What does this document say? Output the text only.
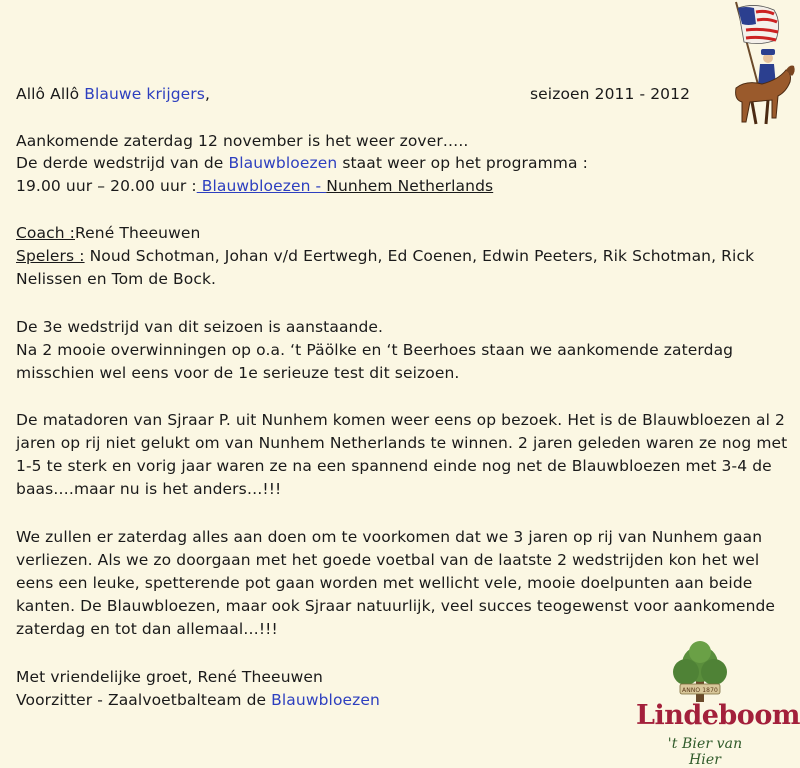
Allô Allô Blauwe krijgers,	seizoen 2011 - 2012
Aankomende zaterdag 12 november is het weer zover…..
De derde wedstrijd van de Blauwbloezen staat weer op het programma :
19.00 uur – 20.00 uur : Blauwbloezen - Nunhem Netherlands
Coach :René Theeuwen
Spelers : Noud Schotman, Johan v/d Eertwegh, Ed Coenen, Edwin Peeters, Rik Schotman, Rick
Nelissen en Tom de Bock.
De 3e wedstrijd van dit seizoen is aanstaande.
Na 2 mooie overwinningen op o.a. ‘t Päölke en ‘t Beerhoes staan we aankomende zaterdag
misschien wel eens voor de 1e serieuze test dit seizoen.
De matadoren van Sjraar P. uit Nunhem komen weer eens op bezoek. Het is de Blauwbloezen al 2
jaren op rij niet gelukt om van Nunhem Netherlands te winnen. 2 jaren geleden waren ze nog met
1-5 te sterk en vorig jaar waren ze na een spannend einde nog net de Blauwbloezen met 3-4 de
baas….maar nu is het anders…!!!
We zullen er zaterdag alles aan doen om te voorkomen dat we 3 jaren op rij van Nunhem gaan
verliezen. Als we zo doorgaan met het goede voetbal van de laatste 2 wedstrijden kon het wel
eens een leuke, spetterende pot gaan worden met wellicht vele, mooie doelpunten aan beide
kanten. De Blauwbloezen, maar ook Sjraar natuurlijk, veel succes teogewenst voor aankomende
zaterdag en tot dan allemaal…!!!
Met vriendelijke groet, René Theeuwen
Voorzitter - Zaalvoetbalteam de Blauwbloezen
ANNO 1870
Lindeboom
't Bier van Hier
